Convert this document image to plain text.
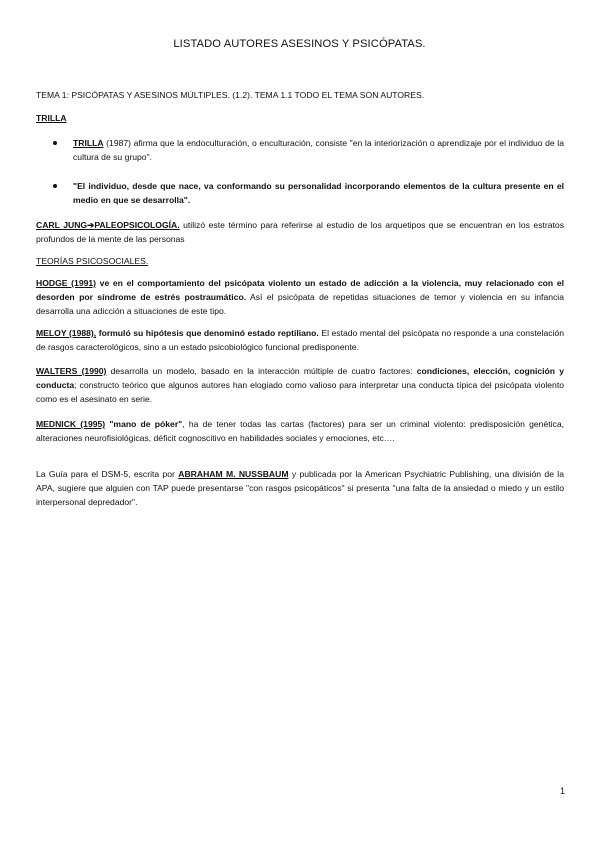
LISTADO AUTORES ASESINOS Y PSICÓPATAS.
TEMA 1: PSICÓPATAS Y ASESINOS MÚLTIPLES. (1.2). TEMA 1.1 TODO EL TEMA SON AUTORES.
TRILLA
TRILLA (1987) afirma que la endoculturación, o enculturación, consiste "en la interiorización o aprendizaje por el individuo de la cultura de su grupo".
"El individuo, desde que nace, va conformando su personalidad incorporando elementos de la cultura presente en el medio en que se desarrolla".
CARL JUNG➔PALEOPSICOLOGÍA. utilizó este término para referirse al estudio de los arquetipos que se encuentran en los estratos profundos de la mente de las personas
TEORÍAS PSICOSOCIALES.
HODGE (1991) ve en el comportamiento del psicópata violento un estado de adicción a la violencia, muy relacionado con el desorden por síndrome de estrés postraumático. Así el psicópata de repetidas situaciones de temor y violencia en su infancia desarrolla una adicción a situaciones de este tipo.
MELOY (1988), formuló su hipótesis que denominó estado reptiliano. El estado mental del psicópata no responde a una constelación de rasgos caracterológicos, sino a un estado psicobiológico funcional predisponente.
WALTERS (1990) desarrolla un modelo, basado en la interacción múltiple de cuatro factores: condiciones, elección, cognición y conducta; constructo teórico que algunos autores han elogiado como valioso para interpretar una conducta típica del psicópata violento como es el asesinato en serie.
MEDNICK (1995) "mano de póker", ha de tener todas las cartas (factores) para ser un criminal violento: predisposición genética, alteraciones neurofisiológicas, déficit cognoscitivo en habilidades sociales y emociones, etc….
La Guía para el DSM-5, escrita por ABRAHAM M. NUSSBAUM y publicada por la American Psychiatric Publishing, una división de la APA, sugiere que alguien con TAP puede presentarse "con rasgos psicopáticos" si presenta "una falta de la ansiedad o miedo y un estilo interpersonal depredador".
1
